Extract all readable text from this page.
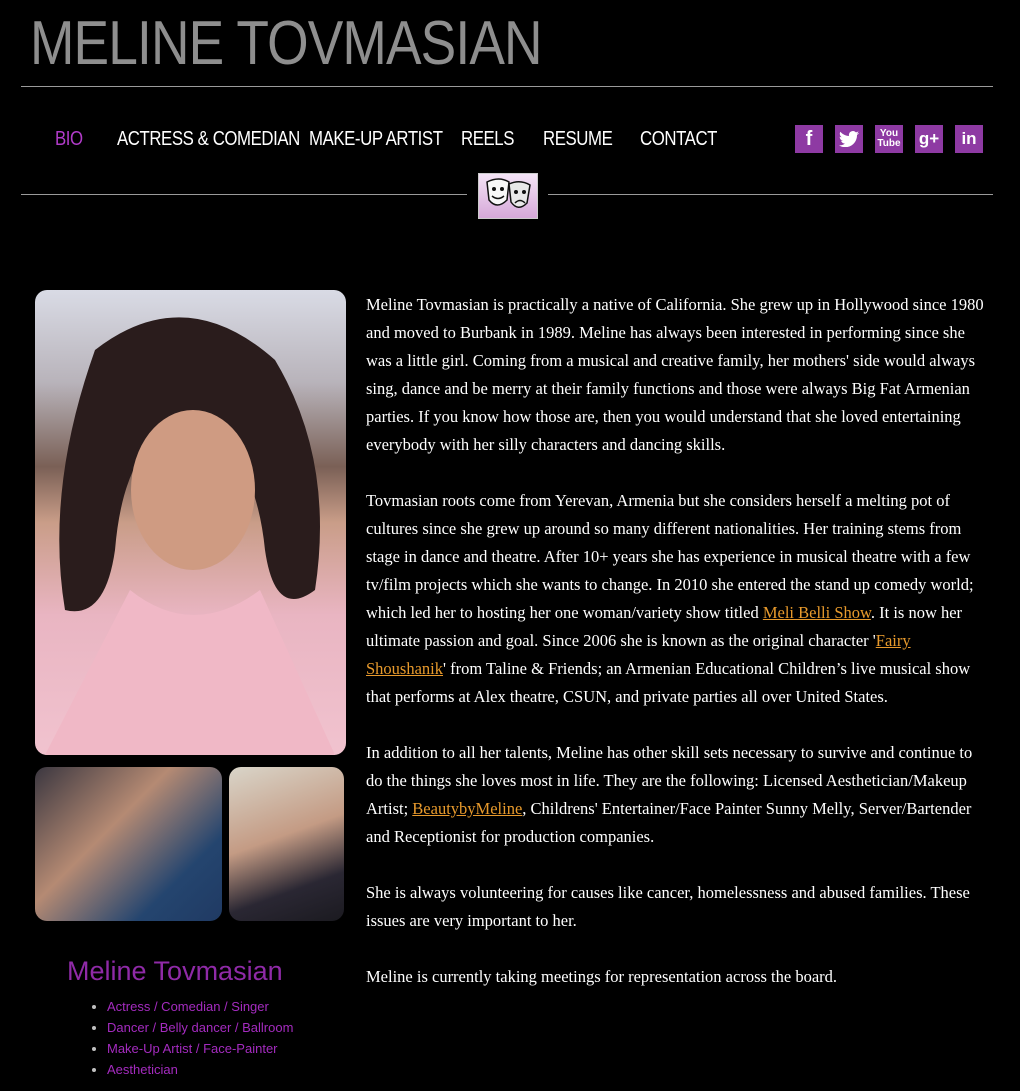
MELINE TOVMASIAN
BIO	ACTRESS & COMEDIAN MAKE-UP ARTIST REELS	RESUME	CONTACT	f	You
Tube g+	in
Meline Tovmasian
• Actress / Comedian / Singer
• Dancer / Belly dancer / Ballroom
• Make-Up Artist / Face-Painter
• Aesthetician

Meline Tovmasian is practically a native of California. She grew up in Hollywood since 1980 and moved to Burbank in 1989. Meline has always been interested in performing since she was a little girl. Coming from a musical and creative family, her mothers' side would always sing, dance and be merry at their family functions and those were always Big Fat Armenian parties. If you know how those are, then you would understand that she loved entertaining everybody with her silly characters and dancing skills.

Tovmasian roots come from Yerevan, Armenia but she considers herself a melting pot of cultures since she grew up around so many different nationalities. Her training stems from stage in dance and theatre. After 10+ years she has experience in musical theatre with a few tv/film projects which she wants to change. In 2010 she entered the stand up comedy world; which led her to hosting her one woman/variety show titled Meli Belli Show. It is now her ultimate passion and goal. Since 2006 she is known as the original character 'Fairy Shoushanik' from Taline & Friends; an Armenian Educational Children’s live musical show that performs at Alex theatre, CSUN, and private parties all over United States.

In addition to all her talents, Meline has other skill sets necessary to survive and continue to do the things she loves most in life. They are the following: Licensed Aesthetician/Makeup Artist; BeautybyMeline, Childrens' Entertainer/Face Painter Sunny Melly, Server/Bartender and Receptionist for production companies.

She is always volunteering for causes like cancer, homelessness and abused families. These issues are very important to her.

Meline is currently taking meetings for representation across the board.
